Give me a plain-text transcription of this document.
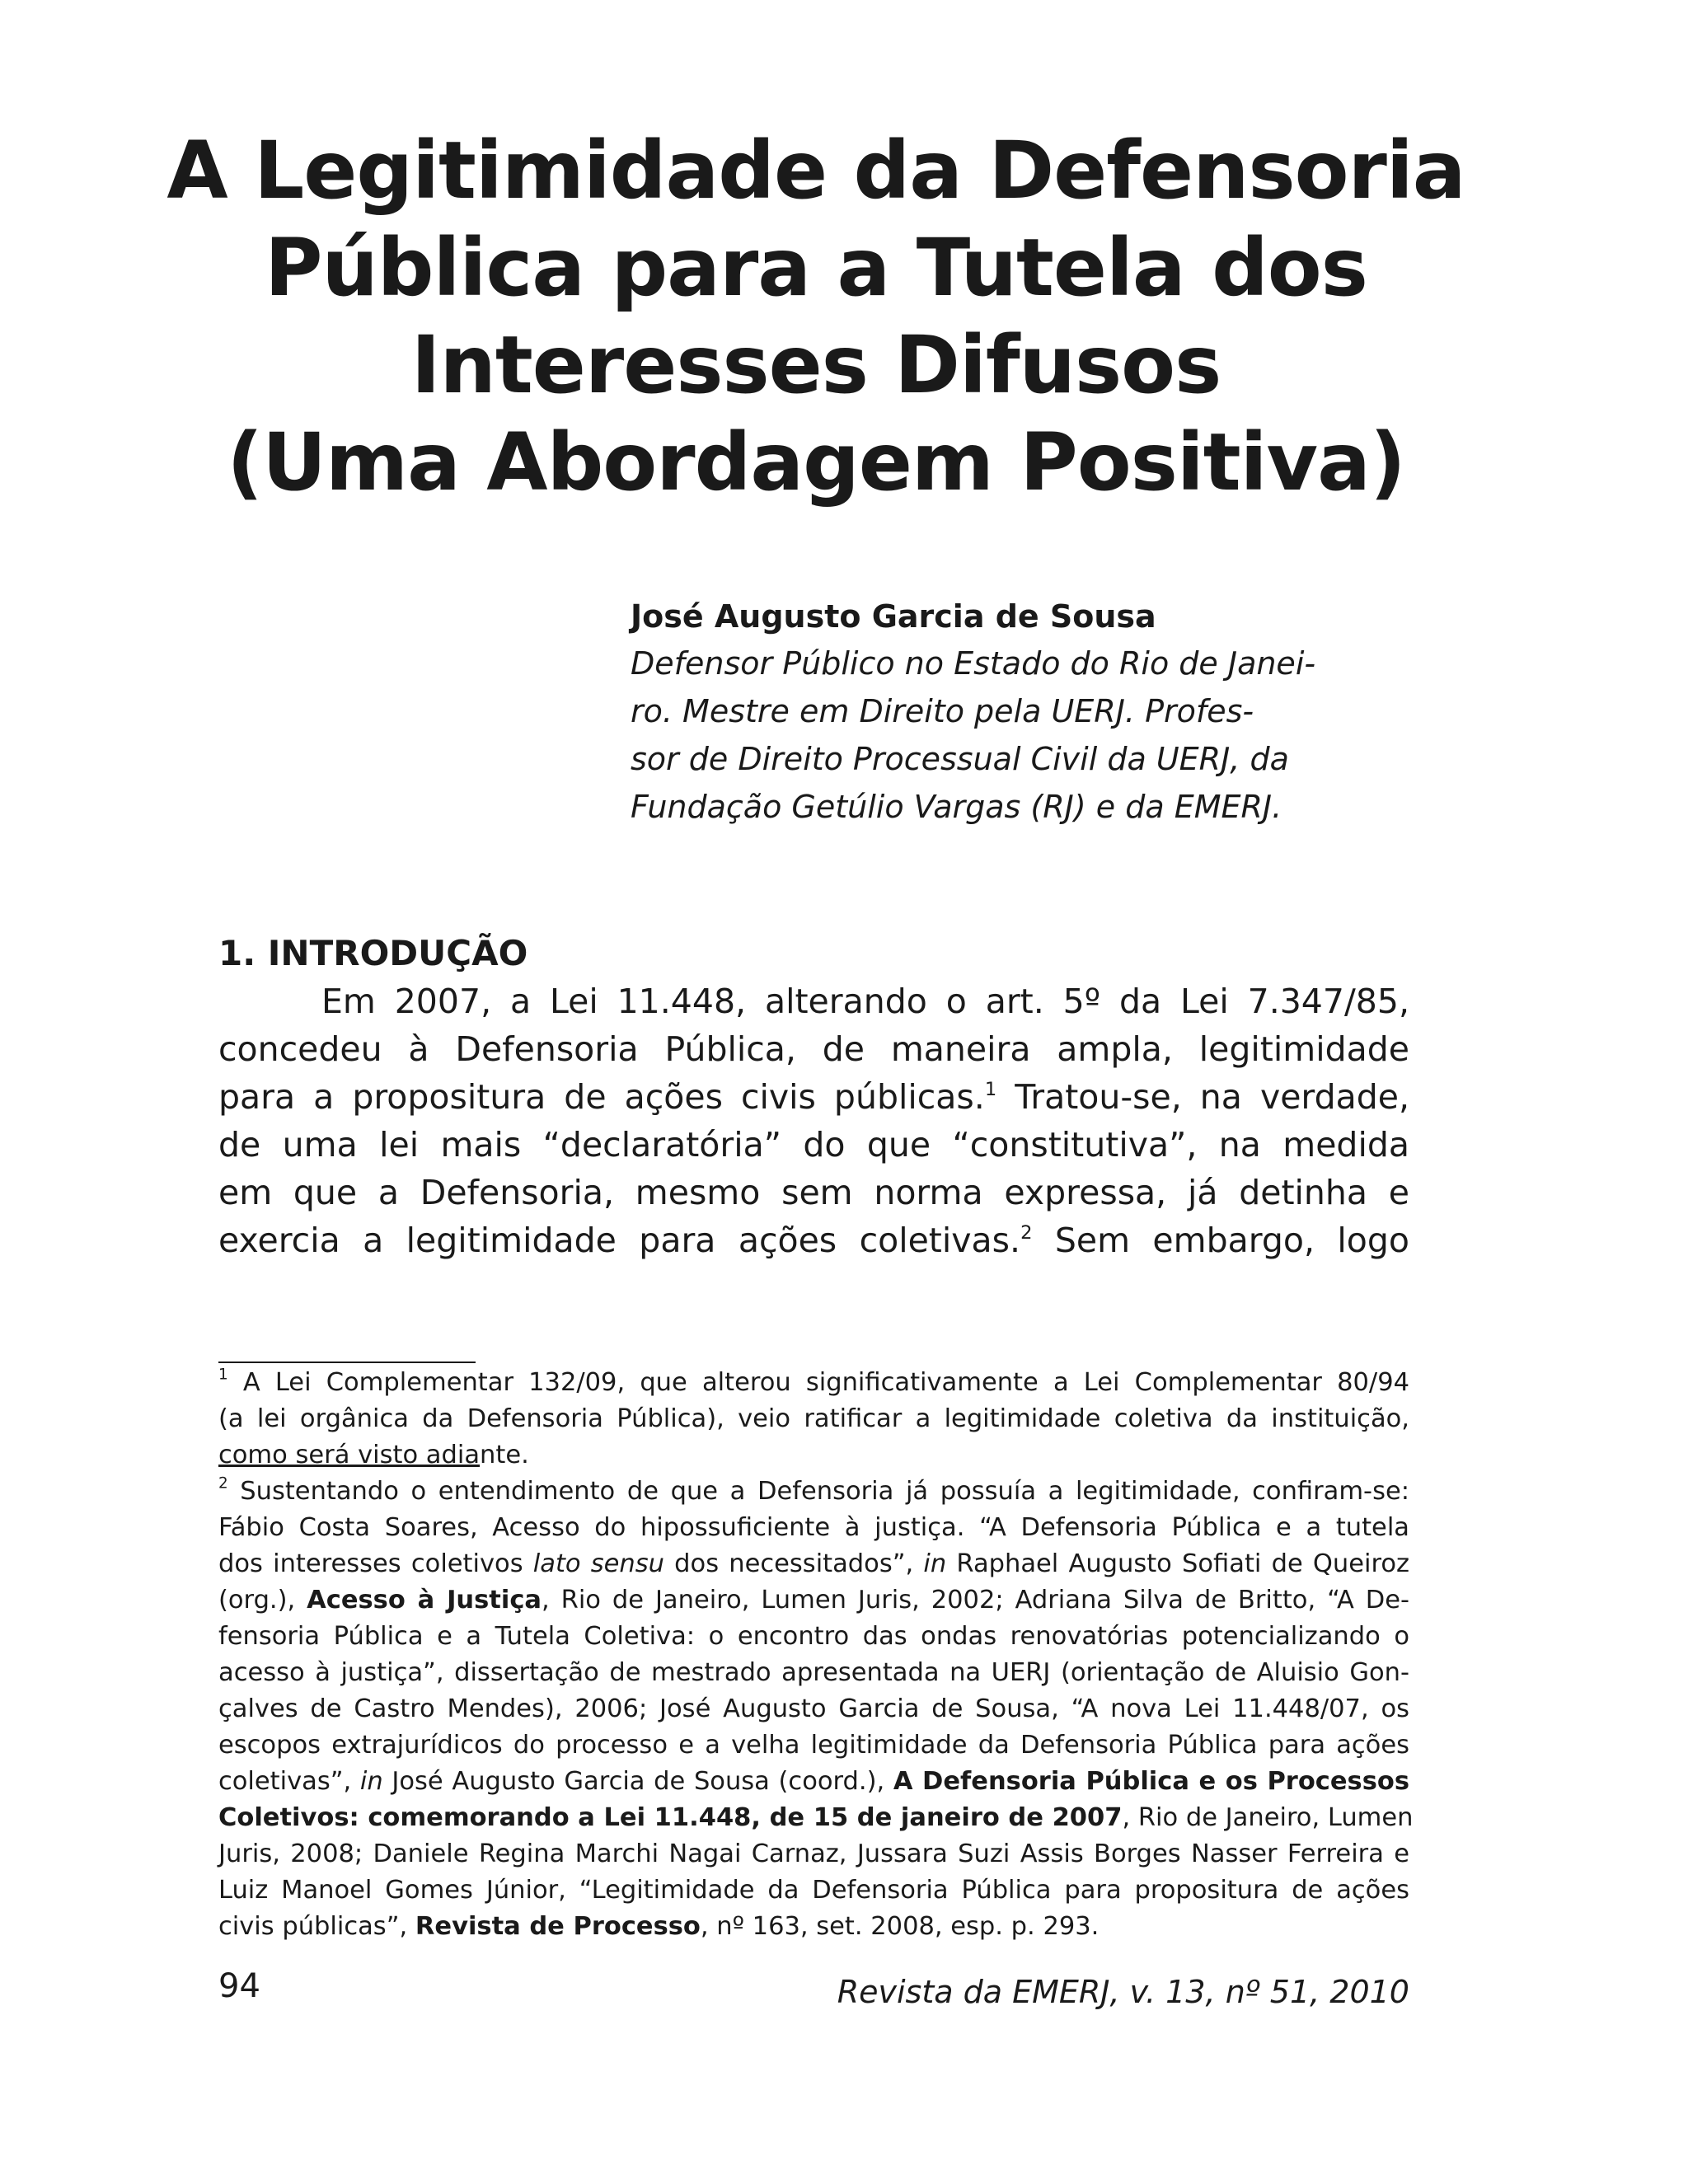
A Legitimidade da Defensoria
Pública para a Tutela dos
Interesses Difusos
(Uma Abordagem Positiva)
José Augusto Garcia de Sousa
Defensor Público no Estado do Rio de Janei-
ro. Mestre em Direito pela UERJ. Profes-
sor de Direito Processual Civil da UERJ, da
Fundação Getúlio Vargas (RJ) e da EMERJ.
1. INTRODUÇÃO
Em 2007, a Lei 11.448, alterando o art. 5º da Lei 7.347/85,
concedeu à Defensoria Pública, de maneira ampla, legitimidade
para a propositura de ações civis públicas.$^1$ Tratou-se, na verdade,
de uma lei mais “declaratória” do que “constitutiva”, na medida
em que a Defensoria, mesmo sem norma expressa, já detinha e
exercia a legitimidade para ações coletivas.$^2$ Sem embargo, logo
$^1$ A Lei Complementar 132/09, que alterou significativamente a Lei Complementar 80/94
(a lei orgânica da Defensoria Pública), veio ratificar a legitimidade coletiva da instituição,
como será visto adiante.
$^2$ Sustentando o entendimento de que a Defensoria já possuía a legitimidade, confiram-se:
Fábio Costa Soares, Acesso do hipossuficiente à justiça. “A Defensoria Pública e a tutela
dos interesses coletivos lato sensu dos necessitados”, in Raphael Augusto Sofiati de Queiroz
(org.), Acesso à Justiça, Rio de Janeiro, Lumen Juris, 2002; Adriana Silva de Britto, “A De-
fensoria Pública e a Tutela Coletiva: o encontro das ondas renovatórias potencializando o
acesso à justiça”, dissertação de mestrado apresentada na UERJ (orientação de Aluisio Gon-
çalves de Castro Mendes), 2006; José Augusto Garcia de Sousa, “A nova Lei 11.448/07, os
escopos extrajurídicos do processo e a velha legitimidade da Defensoria Pública para ações
coletivas”, in José Augusto Garcia de Sousa (coord.), A Defensoria Pública e os Processos
Coletivos: comemorando a Lei 11.448, de 15 de janeiro de 2007, Rio de Janeiro, Lumen
Juris, 2008; Daniele Regina Marchi Nagai Carnaz, Jussara Suzi Assis Borges Nasser Ferreira e
Luiz Manoel Gomes Júnior, “Legitimidade da Defensoria Pública para propositura de ações
civis públicas”, Revista de Processo, nº 163, set. 2008, esp. p. 293.
94	Revista da EMERJ, v. 13, nº 51, 2010
